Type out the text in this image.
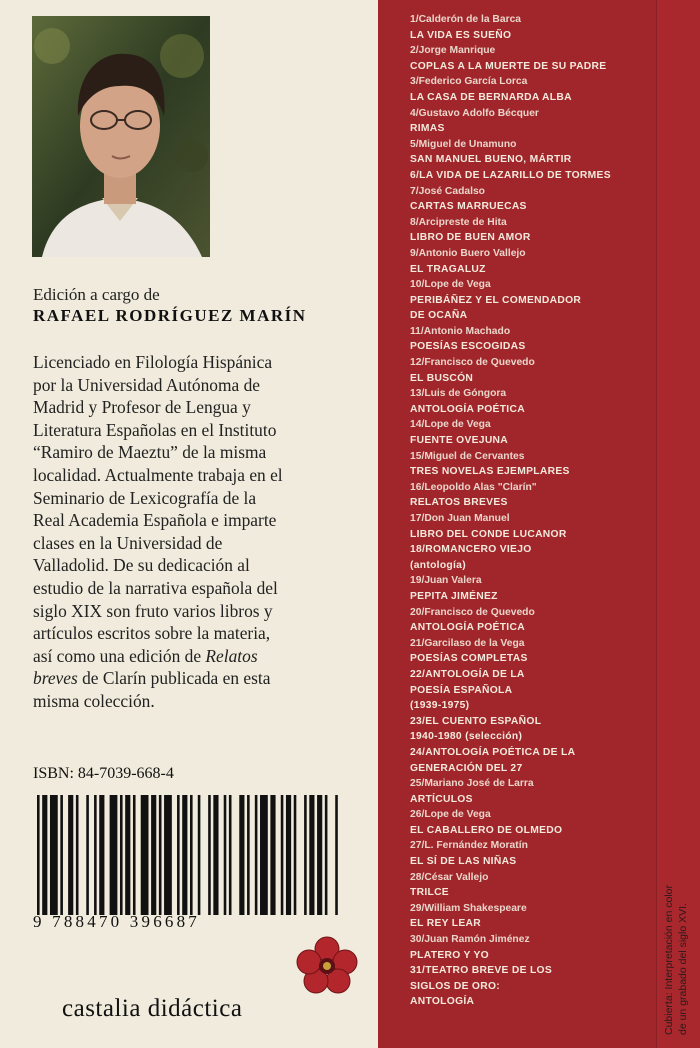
Edición a cargo de
RAFAEL RODRÍGUEZ MARÍN
Licenciado en Filología Hispánica
por la Universidad Autónoma de
Madrid y Profesor de Lengua y
Literatura Españolas en el Instituto
“Ramiro de Maeztu” de la misma
localidad. Actualmente trabaja en el
Seminario de Lexicografía de la
Real Academia Española e imparte
clases en la Universidad de
Valladolid. De su dedicación al
estudio de la narrativa española del
siglo XIX son fruto varios libros y
artículos escritos sobre la materia,
así como una edición de Relatos
breves de Clarín publicada en esta
misma colección.
ISBN: 84-7039-668-4
9 788470 396687
castalia didáctica
1/Calderón de la Barca
LA VIDA ES SUEÑO
2/Jorge Manrique
COPLAS A LA MUERTE DE SU PADRE
3/Federico García Lorca
LA CASA DE BERNARDA ALBA
4/Gustavo Adolfo Bécquer
RIMAS
5/Miguel de Unamuno
SAN MANUEL BUENO, MÁRTIR
6/LA VIDA DE LAZARILLO DE TORMES
7/José Cadalso
CARTAS MARRUECAS
8/Arcipreste de Hita
LIBRO DE BUEN AMOR
9/Antonio Buero Vallejo
EL TRAGALUZ
10/Lope de Vega
PERIBÁÑEZ Y EL COMENDADOR
DE OCAÑA
11/Antonio Machado
POESÍAS ESCOGIDAS
12/Francisco de Quevedo
EL BUSCÓN
13/Luis de Góngora
ANTOLOGÍA POÉTICA
14/Lope de Vega
FUENTE OVEJUNA
15/Miguel de Cervantes
TRES NOVELAS EJEMPLARES
16/Leopoldo Alas "Clarín"
RELATOS BREVES
17/Don Juan Manuel
LIBRO DEL CONDE LUCANOR
18/ROMANCERO VIEJO
(antología)
19/Juan Valera
PEPITA JIMÉNEZ
20/Francisco de Quevedo
ANTOLOGÍA POÉTICA
21/Garcilaso de la Vega
POESÍAS COMPLETAS
22/ANTOLOGÍA DE LA
POESÍA ESPAÑOLA
(1939-1975)
23/EL CUENTO ESPAÑOL
1940-1980 (selección)
24/ANTOLOGÍA POÉTICA DE LA
GENERACIÓN DEL 27
25/Mariano José de Larra
ARTÍCULOS
26/Lope de Vega
EL CABALLERO DE OLMEDO
27/L. Fernández Moratín
EL SÍ DE LAS NIÑAS
28/César Vallejo
TRILCE
29/William Shakespeare
EL REY LEAR
30/Juan Ramón Jiménez
PLATERO Y YO
31/TEATRO BREVE DE LOS
SIGLOS DE ORO:
ANTOLOGÍA	Cubierta: Interpretación en color de un grabado del siglo XVI.
